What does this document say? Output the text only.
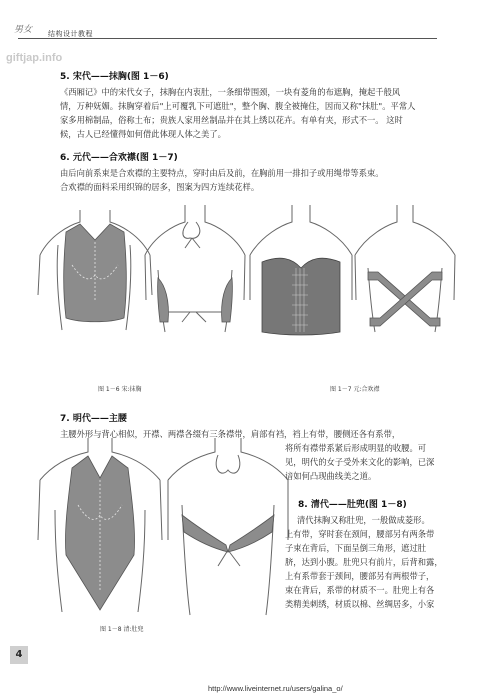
男女 结构设计教程
giftjap.info
5. 宋代——抹胸(图 1－6)

《西厢记》中的宋代女子，抹胸在内衷肚，一条细带围颈，一块有菱角的布遮胸，掩起千般风

情，万种妩媚。抹胸穿着后"上可覆乳下可遮肚"，整个胸、腹全被掩住，因而又称"抹肚"。平常人

家多用棉制品，俗称土布；贵族人家用丝制品并在其上绣以花卉。有单有夹，形式不一。 这时

候，古人已经懂得如何借此体现人体之美了。

6. 元代——合欢襟(图 1－7)

由后向前系束是合欢襟的主要特点，穿时由后及前，在胸前用一排扣子或用绳带等系束。

合欢襟的面料采用织锦的居多，图案为四方连续花样。

图 1－6 宋:抹胸	图 1－7 元:合欢襟
7. 明代——主腰

主腰外形与背心相似，开襟、两襟各缀有三条襟带，肩部有裆，裆上有带，腰侧还各有系带，

将所有襟带系紧后形成明显的收腰。可

见，明代的女子受外来文化的影响，已深

谙如何凸现曲线美之道。

8. 清代——肚兜(图 1－8)

清代抹胸又称肚兜，一般做成菱形。

上有带，穿时套在颈间，腰部另有两条带

子束在背后，下面呈倒三角形，遮过肚

脐，达到小腹。肚兜只有前片，后背和露，

上有系带套于颈间，腰部另有两根带子，

束在背后，系带的材质不一。肚兜上有各

类精美刺绣，材质以棉、丝绸居多，小家

图 1－8 清:肚兜
4
http://www.liveinternet.ru/users/galina_o/
